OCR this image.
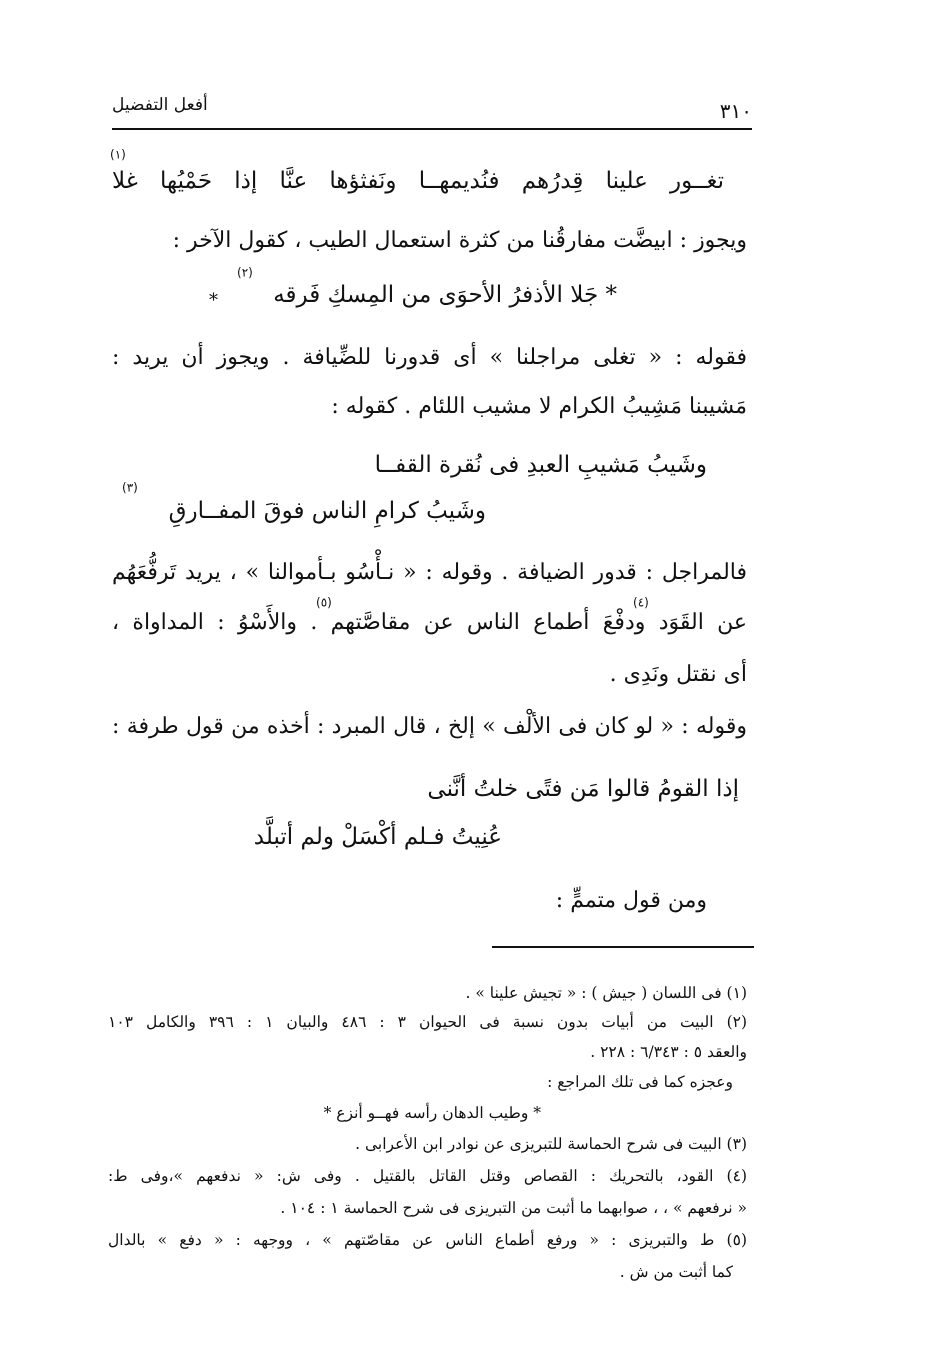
أفعل التفضيل	٣١٠
تغــور علينا قِدرُهم فنُديمهــا ونَفثؤها عنَّا إذا حَمْيُها غلا
$^{(١)}$
ويجوز : ابيضَّت مفارقُنا من كثرة استعمال الطيب ، كقول الآخر :
* جَلا الأذفرُ الأحوَى من المِسكِ فَرقه
$^{(٢)}$
*
فقوله : « تغلى مراجلنا » أى قدورنا للضِّيافة . ويجوز أن يريد :
مَشيبنا مَشِيبُ الكرام لا مشيب اللئام . كقوله :
وشَيبُ مَشيبِ العبدِ فى نُقرة القفــا
وشَيبُ كرامِ الناس فوقَ المفــارقِ
$^{(٣)}$
فالمراجل : قدور الضيافة . وقوله : « نـأْسُو بـأموالنا » ، يريد تَرفُّعَهُم
عن القَوَد ودفْعَ أطماع الناس عن مقاصَّتهم . والأَسْوُ : المداواة ،
$^{(٤)}$
$^{(٥)}$
أى نقتل ونَدِى .
وقوله : « لو كان فى الألْف » إلخ ، قال المبرد : أخذه من قول طرفة :
إذا القومُ قالوا مَن فتًى خلتُ أنَّنى
عُنِيتُ فـلم أكْسَلْ ولم أتبلَّد
ومن قول متممٍّ :
(١) فى اللسان ( جيش ) : « تجيش علينا » .
(٢) البيت من أبيات بدون نسبة فى الحيوان ٣ : ٤٨٦ والبيان ١ : ٣٩٦ والكامل ١٠٣
والعقد ٥ : ٦/٣٤٣ : ٢٢٨ .
وعجزه كما فى تلك المراجع :
* وطيب الدهان رأسه فهــو أنزع *
(٣) البيت فى شرح الحماسة للتبريزى عن نوادر ابن الأعرابى .
(٤) القود، بالتحريك : القصاص وقتل القاتل بالقتيل . وفى ش: « ندفعهم »،وفى ط:
« نرفعهم » ، ، صوابهما ما أثبت من التبريزى فى شرح الحماسة ١ : ١٠٤ .
(٥) ط والتبريزى : « ورفع أطماع الناس عن مقاصّتهم » ، ووجهه : « دفع » بالدال
كما أثبت من ش .
